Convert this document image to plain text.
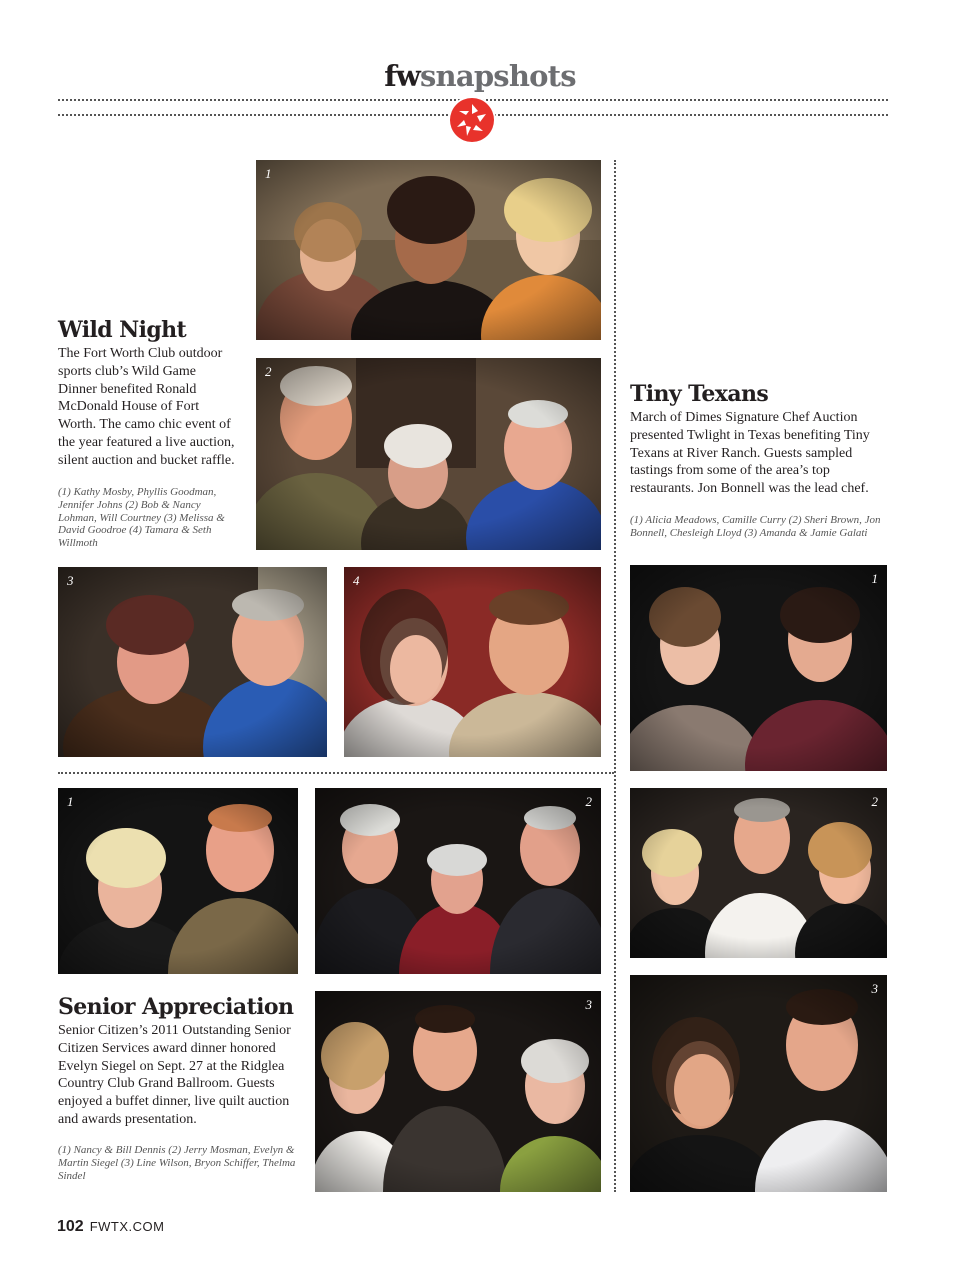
fwsnapshots
Wild Night
The Fort Worth Club outdoor sports club’s Wild Game Dinner benefited Ronald McDonald House of Fort Worth. The camo chic event of the year featured a live auction, silent auction and bucket raffle.
(1) Kathy Mosby, Phyllis Goodman, Jennifer Johns (2) Bob & Nancy Lohman, Will Courtney (3) Melissa & David Goodroe (4) Tamara & Seth Willmoth
1
2
3	4
Tiny Texans
March of Dimes Signature Chef Auction presented Twlight in Texas benefiting Tiny Texans at River Ranch. Guests sampled tastings from some of the area’s top restaurants. Jon Bonnell was the lead chef.
(1) Alicia Meadows, Camille Curry (2) Sheri Brown, Jon Bonnell, Chesleigh Lloyd (3) Amanda & Jamie Galati
1
2
3
Senior Appreciation
Senior Citizen’s 2011 Outstanding Senior Citizen Services award dinner honored Evelyn Siegel on Sept. 27 at the Ridglea Country Club Grand Ballroom. Guests enjoyed a buffet dinner, live quilt auction and awards presentation.
(1) Nancy & Bill Dennis (2) Jerry Mosman, Evelyn & Martin Siegel (3) Line Wilson, Bryon Schiffer, Thelma Sindel
1	2
3
102 FWTX.COM
